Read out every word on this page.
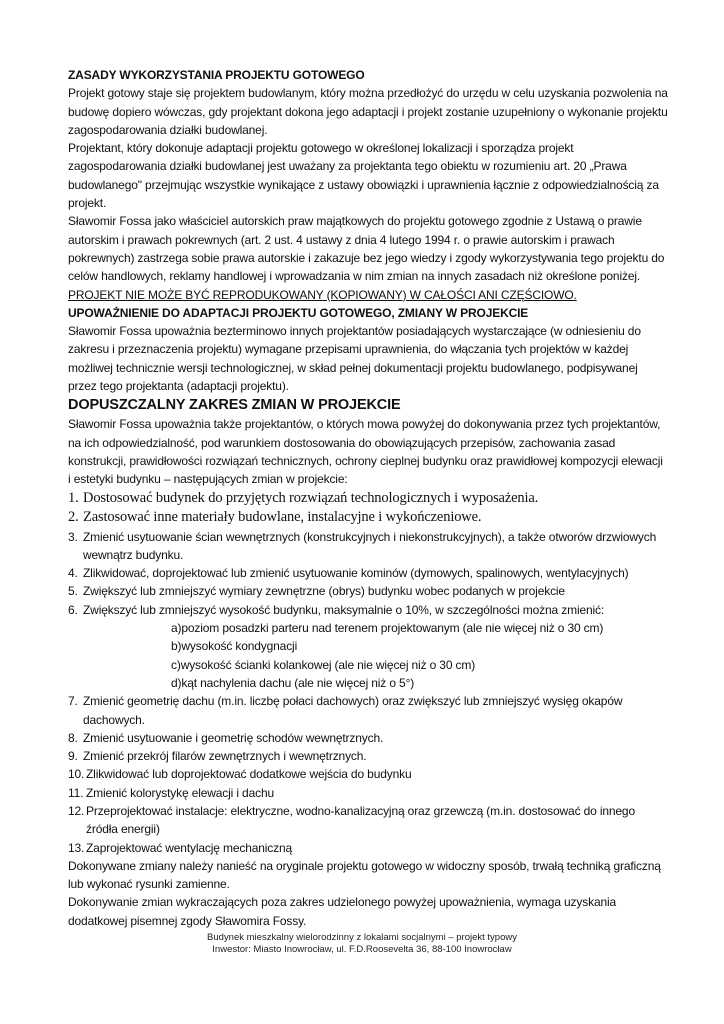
ZASADY WYKORZYSTANIA PROJEKTU GOTOWEGO

Projekt gotowy staje się projektem budowlanym, który można przedłożyć do urzędu w celu uzyskania pozwolenia na budowę dopiero wówczas, gdy projektant dokona jego adaptacji i projekt zostanie uzupełniony o wykonanie projektu zagospodarowania działki budowlanej.

Projektant, który dokonuje adaptacji projektu gotowego w określonej lokalizacji i sporządza projekt zagospodarowania działki budowlanej jest uważany za projektanta tego obiektu w rozumieniu art. 20 „Prawa budowlanego" przejmując wszystkie wynikające z ustawy obowiązki i uprawnienia łącznie z odpowiedzialnością za projekt.

Sławomir Fossa jako właściciel autorskich praw majątkowych do projektu gotowego zgodnie z Ustawą o prawie autorskim i prawach pokrewnych (art. 2 ust. 4 ustawy z dnia 4 lutego 1994 r. o prawie autorskim i prawach pokrewnych) zastrzega sobie prawa autorskie i zakazuje bez jego wiedzy i zgody wykorzystywania tego projektu do celów handlowych, reklamy handlowej i wprowadzania w nim zmian na innych zasadach niż określone poniżej.

PROJEKT NIE MOŻE BYĆ REPRODUKOWANY (KOPIOWANY) W CAŁOŚCI ANI CZĘŚCIOWO.

UPOWAŻNIENIE DO ADAPTACJI PROJEKTU GOTOWEGO, ZMIANY W PROJEKCIE

Sławomir Fossa upoważnia bezterminowo innych projektantów posiadających wystarczające (w odniesieniu do zakresu i przeznaczenia projektu) wymagane przepisami uprawnienia, do włączania tych projektów w każdej możliwej technicznie wersji technologicznej, w skład pełnej dokumentacji projektu budowlanego, podpisywanej przez tego projektanta (adaptacji projektu).

DOPUSZCZALNY ZAKRES ZMIAN W PROJEKCIE

Sławomir Fossa upoważnia także projektantów, o których mowa powyżej do dokonywania przez tych projektantów, na ich odpowiedzialność, pod warunkiem dostosowania do obowiązujących przepisów, zachowania zasad konstrukcji, prawidłowości rozwiązań technicznych, ochrony cieplnej budynku oraz prawidłowej kompozycji elewacji i estetyki budynku – następujących zmian w projekcie:

1. Dostosować budynek do przyjętych rozwiązań technologicznych i wyposażenia.
2. Zastosować inne materiały budowlane, instalacyjne i wykończeniowe.
3. Zmienić usytuowanie ścian wewnętrznych (konstrukcyjnych i niekonstrukcyjnych), a także otworów drzwiowych wewnątrz budynku.
4. Zlikwidować, doprojektować lub zmienić usytuowanie kominów (dymowych, spalinowych, wentylacyjnych)
5. Zwiększyć lub zmniejszyć wymiary zewnętrzne (obrys) budynku wobec podanych w projekcie
6. Zwiększyć lub zmniejszyć wysokość budynku, maksymalnie o 10%, w szczególności można zmienić:
a)poziom posadzki parteru nad terenem projektowanym (ale nie więcej niż o 30 cm)
b)wysokość kondygnacji
c)wysokość ścianki kolankowej (ale nie więcej niż o 30 cm)
d)kąt nachylenia dachu (ale nie więcej niż o 5°)
7. Zmienić geometrię dachu (m.in. liczbę połaci dachowych) oraz zwiększyć lub zmniejszyć wysięg okapów dachowych.
8. Zmienić usytuowanie i geometrię schodów wewnętrznych.
9. Zmienić przekrój filarów zewnętrznych i wewnętrznych.
10. Zlikwidować lub doprojektować dodatkowe wejścia do budynku
11. Zmienić kolorystykę elewacji i dachu
12. Przeprojektować instalacje: elektryczne, wodno-kanalizacyjną oraz grzewczą (m.in. dostosować do innego źródła energii)
13. Zaprojektować wentylację mechaniczną

Dokonywane zmiany należy nanieść na oryginale projektu gotowego w widoczny sposób, trwałą techniką graficzną lub wykonać rysunki zamienne.

Dokonywanie zmian wykraczających poza zakres udzielonego powyżej upoważnienia, wymaga uzyskania dodatkowej pisemnej zgody Sławomira Fossy.

Budynek mieszkalny wielorodzinny z lokalami socjalnymi – projekt typowy
Inwestor: Miasto Inowrocław, ul. F.D.Roosevelta 36, 88-100 Inowrocław
